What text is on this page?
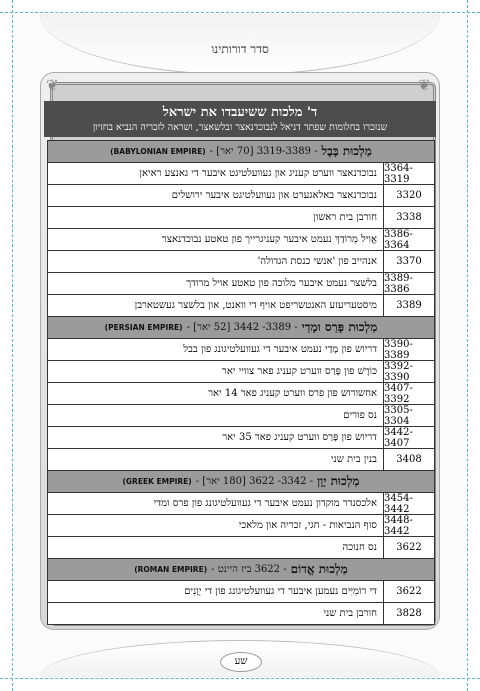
סדר דורותינו
❦	❦
ד' מלכות ששיעבדו את ישראל
שנזכרו בחלומות שפתר דניאל לנבוכדנאצר ובלשאצר, ושראה לזכריה הנביא בחזיון
מַלְכוּת בָּבֶל
- 3319-3389 [70 יאר] -
(BABYLONIAN EMPIRE)
3364-3319
נבוכדנאצר ווערט קעניג און געוועלטיגט איבער די גאנצע ראיאן
3320
נבוכדנאצר באלאגערט און געוועלטיגט איבער ירושלים
3338
חורבן בית ראשון
3386-3364
אֱוִיל מְרוֹדַךְ נעמט איבער קעניגרייך פון טאטע נבוכדנאצר
3370
אנהייב פון 'אנשי כנסת הגדולה'
3389-3386
בלשצר נעמט איבער מלוכה פון טאטע אויל מרודך
3389
מיסטעריעזע האנטשריפט אויף די וואנט, און בלשצר געשטארבן
מַלְכוּת פָּרַס וּמָדַי
- 3389- 3442 [52 יאר] -
(PERSIAN EMPIRE)
3390-3389
דריוש פון מָדַי נעמט איבער די געוועלטיגונג פון בבל
3392-3390
כּוֹרֶשׁ פון פָּרַס ווערט קעניג פאר צוויי יאר
3407-3392
אחשורוש פון פרס ווערט קעניג פאר 14 יאר
3305-3304
נס פורים
3442-3407
דריוש פון פָּרַס ווערט קעניג פאר 35 יאר
3408
בנין בית שני
מַלְכוּת יָוָן
- 3342- 3622 [180 יאר] -
(GREEK EMPIRE)
3454-3442
אלכסנדר מוקדון נעמט איבער די געוועלטיגונג פון פרס ומדי
3448-3442
סוף הנביאות - חגי, זכריה און מלאכי
3622
נס חנוכה
מַלְכוּת אֱדוֹם
- 3622 ביז היינט -
(ROMAN EMPIRE)
3622
די רוֹמִיִּים נעמען איבער די געוועלטיגונג פון די יְוָנִים
3828
חורבן בית שני
שע
